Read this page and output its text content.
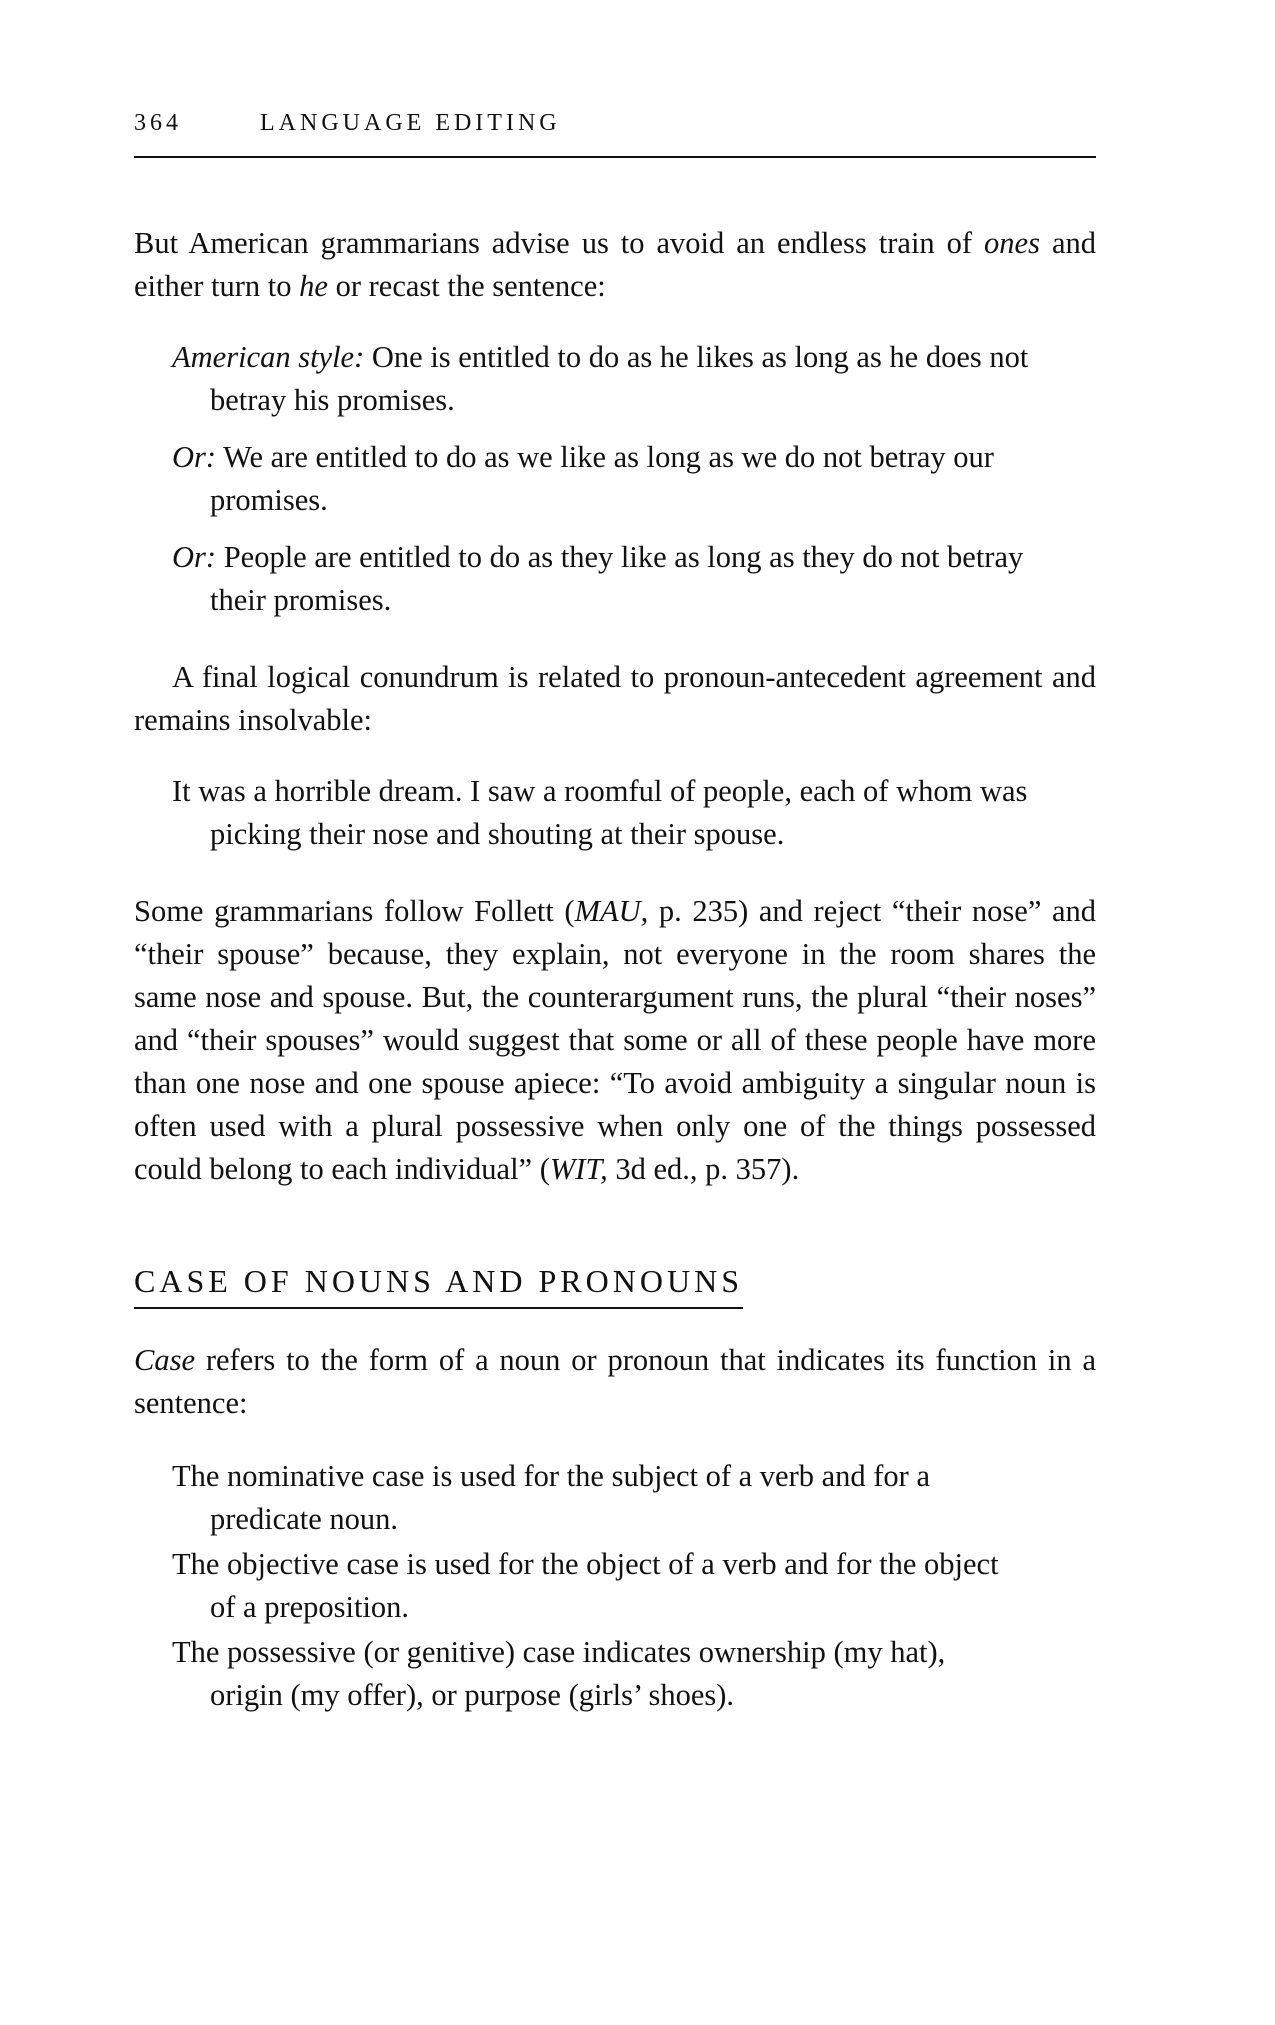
364	LANGUAGE EDITING

But American grammarians advise us to avoid an endless train of ones and either turn to he or recast the sentence:

American style: One is entitled to do as he likes as long as he does not betray his promises.
Or: We are entitled to do as we like as long as we do not betray our promises.
Or: People are entitled to do as they like as long as they do not betray their promises.

A final logical conundrum is related to pronoun-antecedent agreement and remains insolvable:

It was a horrible dream. I saw a roomful of people, each of whom was picking their nose and shouting at their spouse.

Some grammarians follow Follett (MAU, p. 235) and reject “their nose” and “their spouse” because, they explain, not everyone in the room shares the same nose and spouse. But, the counterargument runs, the plural “their noses” and “their spouses” would suggest that some or all of these people have more than one nose and one spouse apiece: “To avoid ambiguity a singular noun is often used with a plural possessive when only one of the things possessed could belong to each individual” (WIT, 3d ed., p. 357).

CASE OF NOUNS AND PRONOUNS

Case refers to the form of a noun or pronoun that indicates its function in a sentence:

The nominative case is used for the subject of a verb and for a predicate noun.
The objective case is used for the object of a verb and for the object of a preposition.
The possessive (or genitive) case indicates ownership (my hat), origin (my offer), or purpose (girls’ shoes).
